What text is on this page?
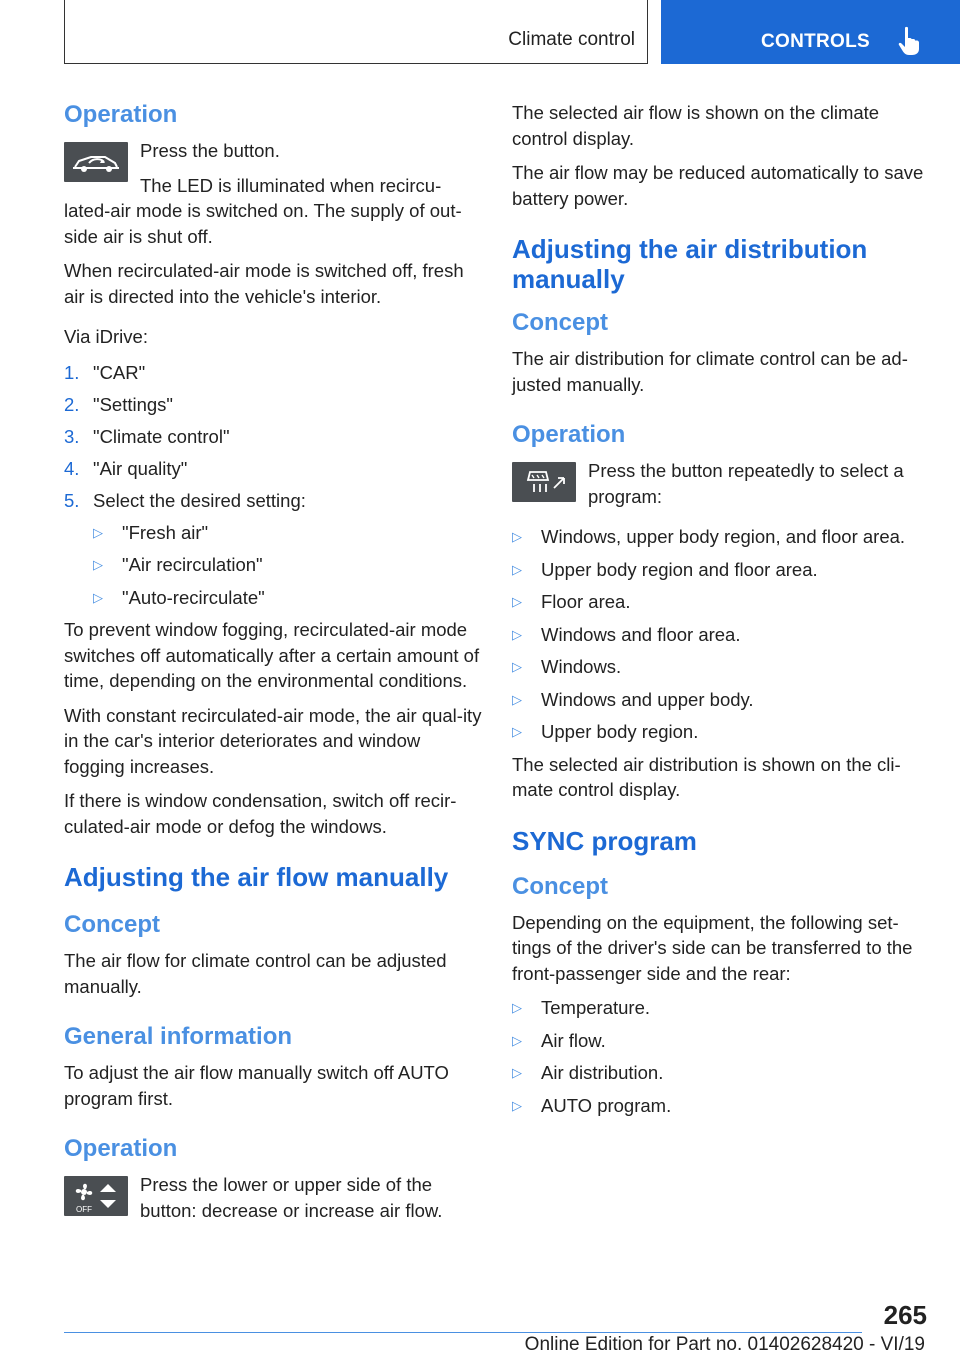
Climate control	CONTROLS
Operation

Press the button.

The LED is illuminated when recircu-

lated-air mode is switched on. The supply of out-side air is shut off.

When recirculated-air mode is switched off, fresh air is directed into the vehicle's interior.

Via iDrive:

1. "CAR"
2. "Settings"
3. "Climate control"
4. "Air quality"
5. Select the desired setting:
▷	"Fresh air"
▷	"Air recirculation"
▷	"Auto-recirculate"

To prevent window fogging, recirculated-air mode switches off automatically after a certain amount of time, depending on the environmental conditions.

With constant recirculated-air mode, the air qual-ity in the car's interior deteriorates and window fogging increases.

If there is window condensation, switch off recir-culated-air mode or defog the windows.

Adjusting the air flow manually
Concept

The air flow for climate control can be adjusted manually.

General information

To adjust the air flow manually switch off AUTO program first.

Operation
OFF

Press the lower or upper side of the button: decrease or increase air flow.

The selected air flow is shown on the climate control display.

The air flow may be reduced automatically to save battery power.

Adjusting the air distribution manually
Concept

The air distribution for climate control can be ad-justed manually.

Operation

Press the button repeatedly to select a program:

▷	Windows, upper body region, and floor area.
▷	Upper body region and floor area.
▷	Floor area.
▷	Windows and floor area.
▷	Windows.
▷	Windows and upper body.
▷	Upper body region.

The selected air distribution is shown on the cli-mate control display.

SYNC program
Concept

Depending on the equipment, the following set-tings of the driver's side can be transferred to the front-passenger side and the rear:

▷	Temperature.
▷	Air flow.
▷	Air distribution.
▷	AUTO program.
265
Online Edition for Part no. 01402628420 - VI/19
